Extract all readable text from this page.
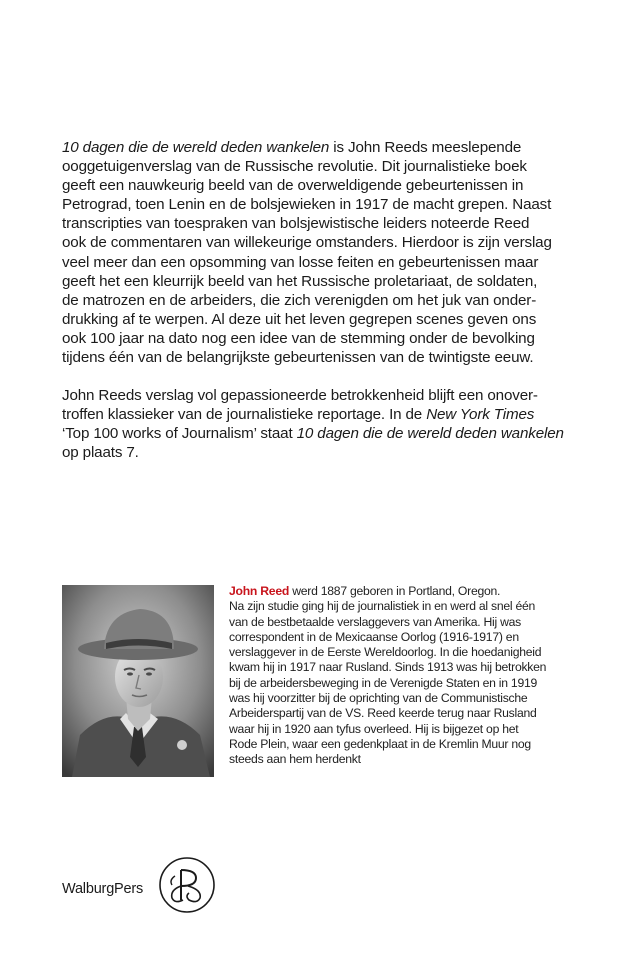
10 dagen die de wereld deden wankelen is John Reeds meeslepende
ooggetuigenverslag van de Russische revolutie. Dit journalistieke boek
geeft een nauwkeurig beeld van de overweldigende gebeurtenissen in
Petrograd, toen Lenin en de bolsjewieken in 1917 de macht grepen. Naast
transcripties van toespraken van bolsjewistische leiders noteerde Reed
ook de commentaren van willekeurige omstanders. Hierdoor is zijn verslag
veel meer dan een opsomming van losse feiten en gebeurtenissen maar
geeft het een kleurrijk beeld van het Russische proletariaat, de soldaten,
de matrozen en de arbeiders, die zich verenigden om het juk van onder-
drukking af te werpen. Al deze uit het leven gegrepen scenes geven ons
ook 100 jaar na dato nog een idee van de stemming onder de bevolking
tijdens één van de belangrijkste gebeurtenissen van de twintigste eeuw.

John Reeds verslag vol gepassioneerde betrokkenheid blijft een onover-
troffen klassieker van de journalistieke reportage. In de New York Times
‘Top 100 works of Journalism’ staat 10 dagen die de wereld deden wankelen
op plaats 7.

John Reed werd 1887 geboren in Portland, Oregon.
Na zijn studie ging hij de journalistiek in en werd al snel één
van de bestbetaalde verslaggevers van Amerika. Hij was
correspondent in de Mexicaanse Oorlog (1916-1917) en
verslaggever in de Eerste Wereldoorlog. In die hoedanigheid
kwam hij in 1917 naar Rusland. Sinds 1913 was hij betrokken
bij de arbeidersbeweging in de Verenigde Staten en in 1919
was hij voorzitter bij de oprichting van de Communistische
Arbeiderspartij van de VS. Reed keerde terug naar Rusland
waar hij in 1920 aan tyfus overleed. Hij is bijgezet op het
Rode Plein, waar een gedenkplaat in de Kremlin Muur nog
steeds aan hem herdenkt
WalburgPers
